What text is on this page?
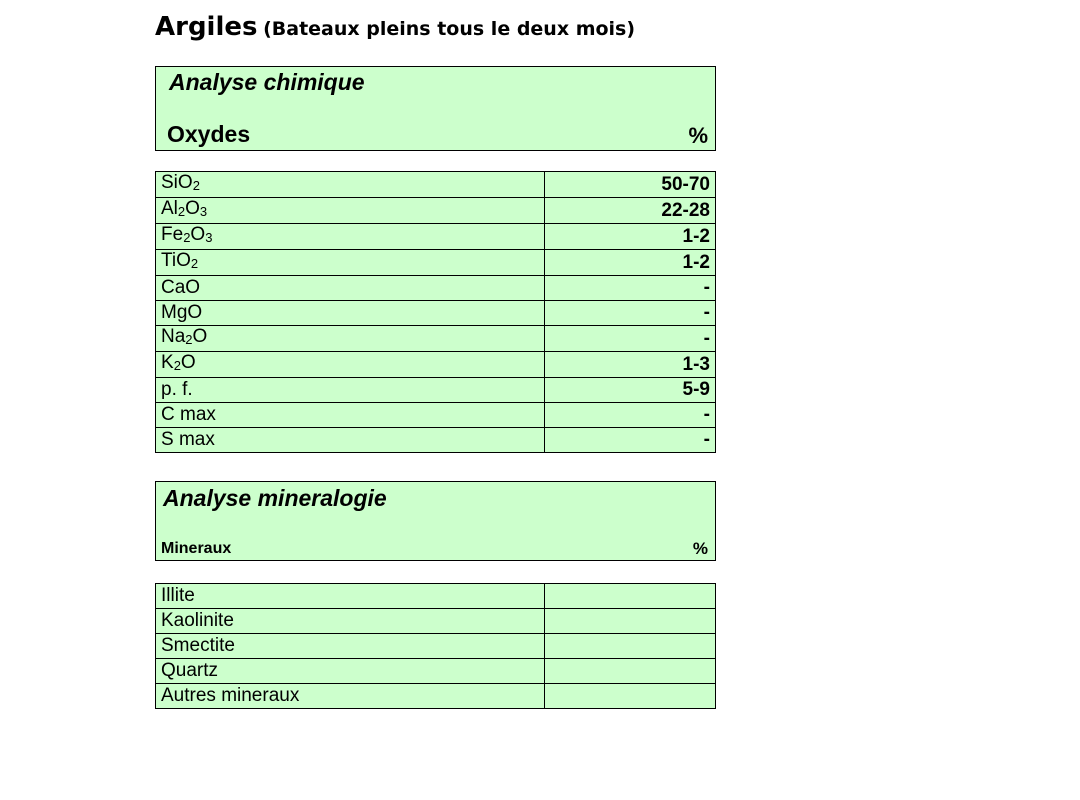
Argiles (Bateaux pleins tous le deux mois)
Analyse chimique
Oxydes	%
SiO$_2$	50-70
$Al_2O_3$	22-28
$Fe_2O_3$	1-2
TiO$_2$	1-2
CaO	-
MgO	-
$Na_2O$	-
$K_2O$	1-3
p. f.	5-9
C max	-
S max	-
Analyse mineralogie
Mineraux	%
Illite	
Kaolinite	
Smectite	
Quartz	
Autres mineraux	
